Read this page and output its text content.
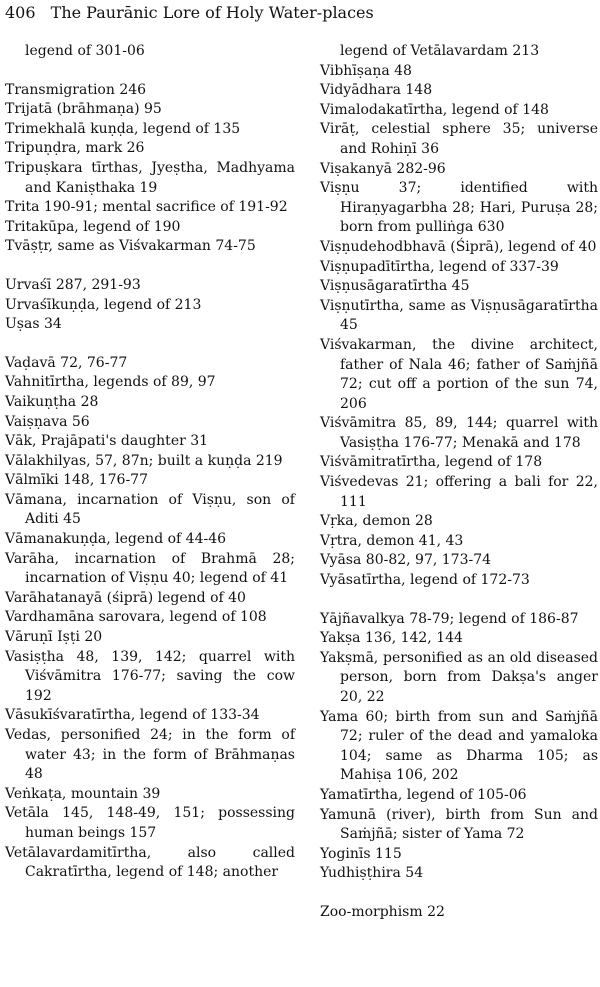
406 The Paurānic Lore of Holy Water-places
legend of 301-06
Transmigration 246
Trijatā (brāhmaṇa) 95
Trimekhalā kuṇḍa, legend of 135
Tripuṇḍra, mark 26
Tripuṣkara tīrthas, Jyeṣtha, Madhyama and Kaniṣthaka 19
Trita 190-91; mental sacrifice of 191-92
Tritakūpa, legend of 190
Tvāṣṭr, same as Viśvakarman 74-75
Urvaśī 287, 291-93
Urvaśīkuṇḍa, legend of 213
Uṣas 34
Vaḍavā 72, 76-77
Vahnitīrtha, legends of 89, 97
Vaikuṇṭha 28
Vaiṣṇava 56
Vāk, Prajāpati's daughter 31
Vālakhilyas, 57, 87n; built a kuṇḍa 219
Vālmīki 148, 176-77
Vāmana, incarnation of Viṣṇu, son of Aditi 45
Vāmanakuṇḍa, legend of 44-46
Varāha, incarnation of Brahmā 28; incarnation of Viṣṇu 40; legend of 41
Varāhatanayā (śiprā) legend of 40
Vardhamāna sarovara, legend of 108
Vāruṇī Iṣṭi 20
Vasiṣṭha 48, 139, 142; quarrel with Viśvāmitra 176-77; saving the cow 192
Vāsukīśvaratīrtha, legend of 133-34
Vedas, personified 24; in the form of water 43; in the form of Brāhmaṇas 48
Veṅkaṭa, mountain 39
Vetāla 145, 148-49, 151; possessing human beings 157
Vetālavardamitīrtha, also called Cakratīrtha, legend of 148; another
legend of Vetālavardam 213
Vibhīṣaṇa 48
Vidyādhara 148
Vimalodakatīrtha, legend of 148
Virāṭ, celestial sphere 35; universe and Rohiṇī 36
Viṣakanyā 282-96
Viṣṇu 37; identified with Hiraṇyagarbha 28; Hari, Puruṣa 28; born from pulliṅga 630
Viṣṇudehodbhavā (Śiprā), legend of 40
Viṣṇupadītīrtha, legend of 337-39
Viṣṇusāgaratīrtha 45
Viṣṇutīrtha, same as Viṣṇusāgaratīrtha 45
Viśvakarman, the divine architect, father of Nala 46; father of Saṁjñā 72; cut off a portion of the sun 74, 206
Viśvāmitra 85, 89, 144; quarrel with Vasiṣṭha 176-77; Menakā and 178
Viśvāmitratīrtha, legend of 178
Viśvedevas 21; offering a bali for 22, 111
Vṛka, demon 28
Vṛtra, demon 41, 43
Vyāsa 80-82, 97, 173-74
Vyāsatīrtha, legend of 172-73
Yājñavalkya 78-79; legend of 186-87
Yakṣa 136, 142, 144
Yakṣmā, personified as an old diseased person, born from Dakṣa's anger 20, 22
Yama 60; birth from sun and Saṁjñā 72; ruler of the dead and yamaloka 104; same as Dharma 105; as Mahiṣa 106, 202
Yamatīrtha, legend of 105-06
Yamunā (river), birth from Sun and Saṁjñā; sister of Yama 72
Yoginīs 115
Yudhiṣṭhira 54
Zoo-morphism 22
